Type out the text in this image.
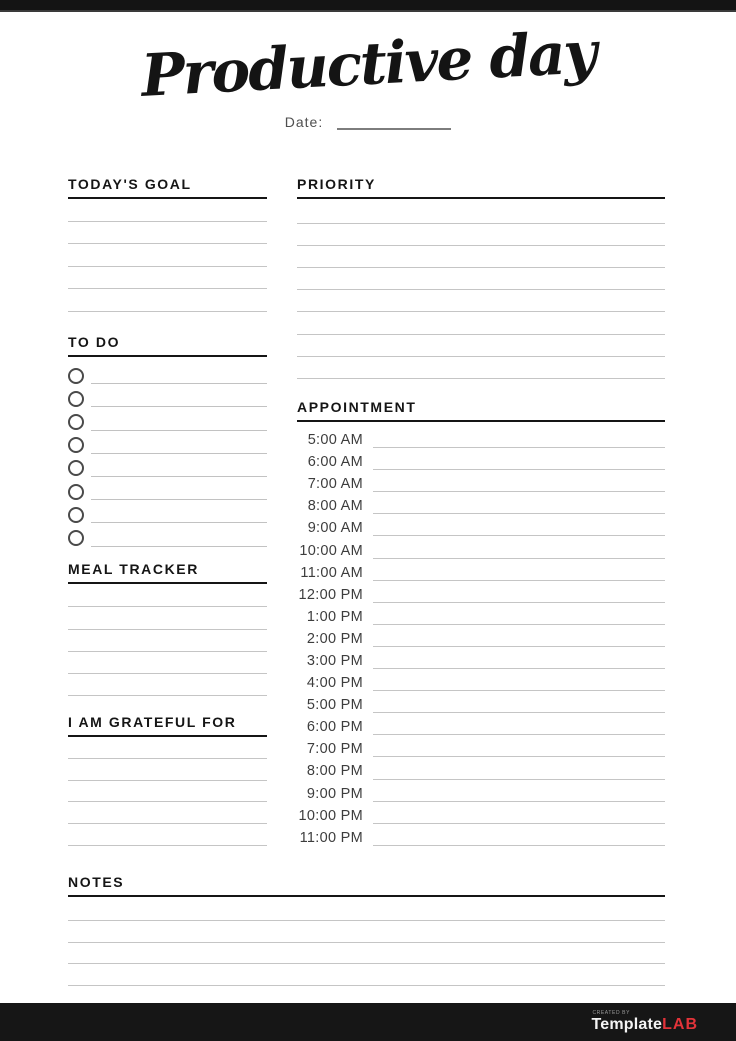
Productive day
Date:
TODAY'S GOAL
TO DO
MEAL TRACKER
I AM GRATEFUL FOR
PRIORITY
APPOINTMENT
5:00 AM
6:00 AM
7:00 AM
8:00 AM
9:00 AM
10:00 AM
11:00 AM
12:00 PM
1:00 PM
2:00 PM
3:00 PM
4:00 PM
5:00 PM
6:00 PM
7:00 PM
8:00 PM
9:00 PM
10:00 PM
11:00 PM
NOTES
CREATED BY
TemplateLAB
